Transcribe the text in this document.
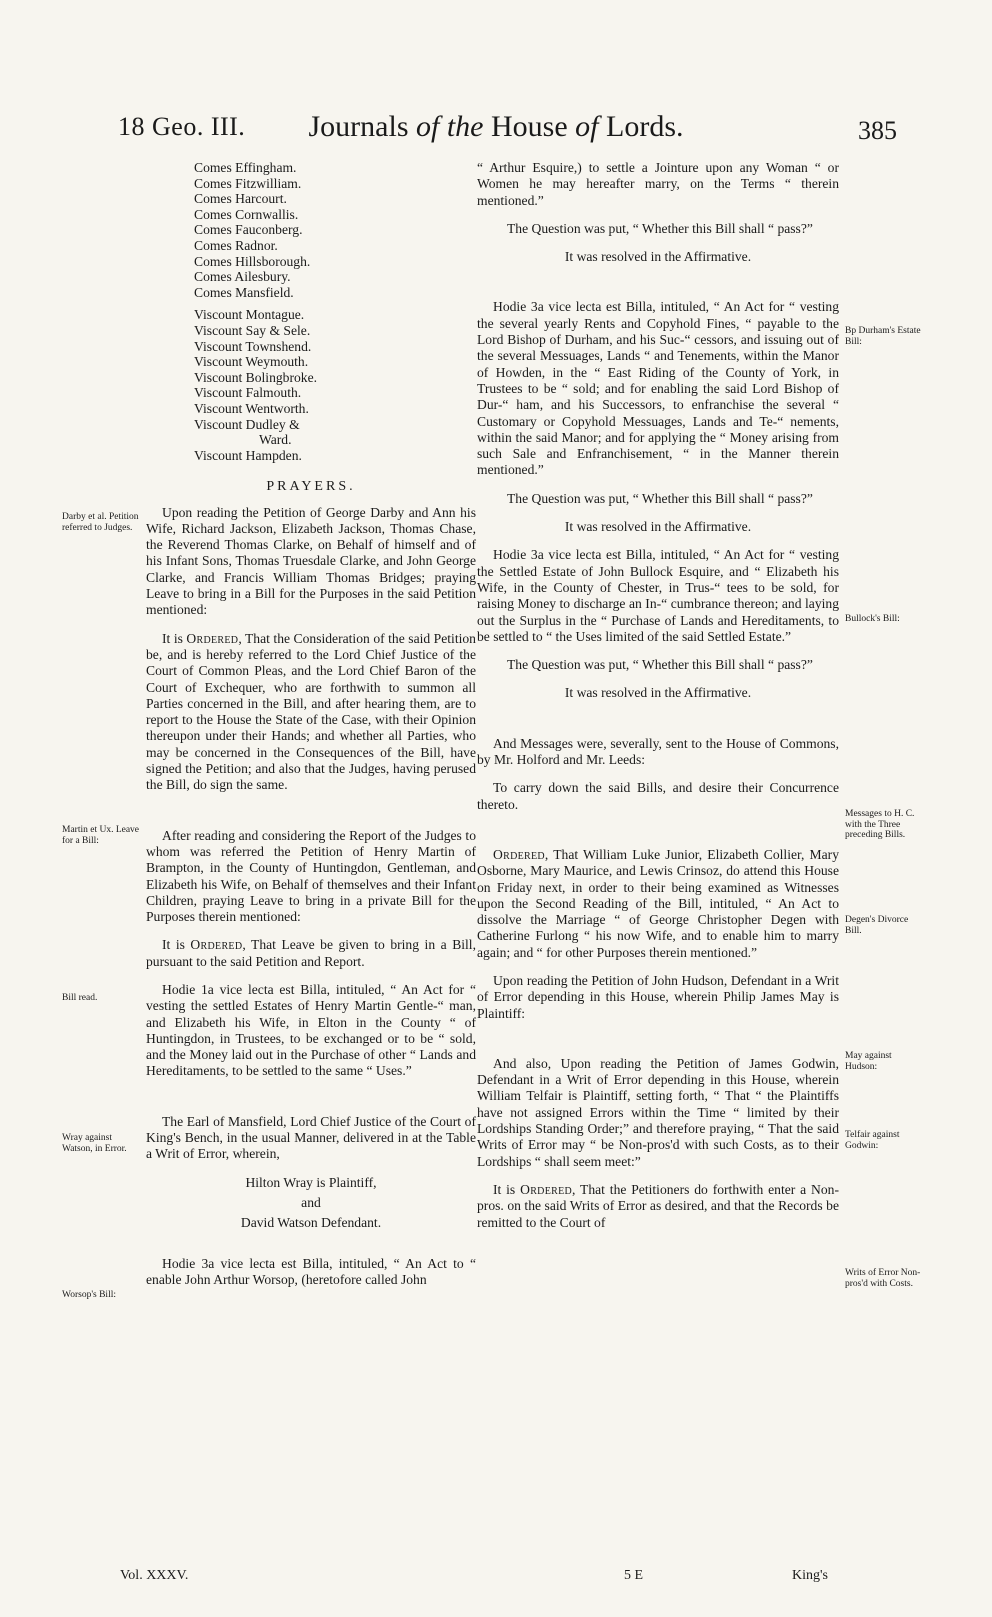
18 Geo. III.	Journals of the House of Lords.	385
Comes Effingham.
Comes Fitzwilliam.
Comes Harcourt.
Comes Cornwallis.
Comes Fauconberg.
Comes Radnor.
Comes Hillsborough.
Comes Ailesbury.
Comes Mansfield.
Viscount Montague.
Viscount Say & Sele.
Viscount Townshend.
Viscount Weymouth.
Viscount Bolingbroke.
Viscount Falmouth.
Viscount Wentworth.
Viscount Dudley &
Ward.
Viscount Hampden.
PRAYERS.

Upon reading the Petition of George Darby and Ann his Wife, Richard Jackson, Elizabeth Jackson, Thomas Chase, the Reverend Thomas Clarke, on Behalf of himself and of his Infant Sons, Thomas Truesdale Clarke, and John George Clarke, and Francis William Thomas Bridges; praying Leave to bring in a Bill for the Purposes in the said Petition mentioned:

It is Ordered, That the Consideration of the said Petition be, and is hereby referred to the Lord Chief Justice of the Court of Common Pleas, and the Lord Chief Baron of the Court of Exchequer, who are forthwith to summon all Parties concerned in the Bill, and after hearing them, are to report to the House the State of the Case, with their Opinion thereupon under their Hands; and whether all Parties, who may be concerned in the Consequences of the Bill, have signed the Petition; and also that the Judges, having perused the Bill, do sign the same.

After reading and considering the Report of the Judges to whom was referred the Petition of Henry Martin of Brampton, in the County of Huntingdon, Gentleman, and Elizabeth his Wife, on Behalf of themselves and their Infant Children, praying Leave to bring in a private Bill for the Purposes therein mentioned:

It is Ordered, That Leave be given to bring in a Bill, pursuant to the said Petition and Report.

Hodie 1a vice lecta est Billa, intituled, “ An Act for “ vesting the settled Estates of Henry Martin Gentle-“ man, and Elizabeth his Wife, in Elton in the County “ of Huntingdon, in Trustees, to be exchanged or to be “ sold, and the Money laid out in the Purchase of other “ Lands and Hereditaments, to be settled to the same “ Uses.”

The Earl of Mansfield, Lord Chief Justice of the Court of King's Bench, in the usual Manner, delivered in at the Table a Writ of Error, wherein,

Hilton Wray is Plaintiff,

and

David Watson Defendant.

Hodie 3a vice lecta est Billa, intituled, “ An Act to “ enable John Arthur Worsop, (heretofore called John

“ Arthur Esquire,) to settle a Jointure upon any Woman “ or Women he may hereafter marry, on the Terms “ therein mentioned.”

The Question was put, “ Whether this Bill shall “ pass?”

It was resolved in the Affirmative.

Hodie 3a vice lecta est Billa, intituled, “ An Act for “ vesting the several yearly Rents and Copyhold Fines, “ payable to the Lord Bishop of Durham, and his Suc-“ cessors, and issuing out of the several Messuages, Lands “ and Tenements, within the Manor of Howden, in the “ East Riding of the County of York, in Trustees to be “ sold; and for enabling the said Lord Bishop of Dur-“ ham, and his Successors, to enfranchise the several “ Customary or Copyhold Messuages, Lands and Te-“ nements, within the said Manor; and for applying the “ Money arising from such Sale and Enfranchisement, “ in the Manner therein mentioned.”

The Question was put, “ Whether this Bill shall “ pass?”

It was resolved in the Affirmative.

Hodie 3a vice lecta est Billa, intituled, “ An Act for “ vesting the Settled Estate of John Bullock Esquire, and “ Elizabeth his Wife, in the County of Chester, in Trus-“ tees to be sold, for raising Money to discharge an In-“ cumbrance thereon; and laying out the Surplus in the “ Purchase of Lands and Hereditaments, to be settled to “ the Uses limited of the said Settled Estate.”

The Question was put, “ Whether this Bill shall “ pass?”

It was resolved in the Affirmative.

And Messages were, severally, sent to the House of Commons, by Mr. Holford and Mr. Leeds:

To carry down the said Bills, and desire their Concurrence thereto.

Ordered, That William Luke Junior, Elizabeth Collier, Mary Osborne, Mary Maurice, and Lewis Crinsoz, do attend this House on Friday next, in order to their being examined as Witnesses upon the Second Reading of the Bill, intituled, “ An Act to dissolve the Marriage “ of George Christopher Degen with Catherine Furlong “ his now Wife, and to enable him to marry again; and “ for other Purposes therein mentioned.”

Upon reading the Petition of John Hudson, Defendant in a Writ of Error depending in this House, wherein Philip James May is Plaintiff:

And also, Upon reading the Petition of James Godwin, Defendant in a Writ of Error depending in this House, wherein William Telfair is Plaintiff, setting forth, “ That “ the Plaintiffs have not assigned Errors within the Time “ limited by their Lordships Standing Order;” and therefore praying, “ That the said Writs of Error may “ be Non-pros'd with such Costs, as to their Lordships “ shall seem meet:”

It is Ordered, That the Petitioners do forthwith enter a Non-pros. on the said Writs of Error as desired, and that the Records be remitted to the Court of

Vol. XXXV.	5 E	King's
Darby et al. Petition referred to Judges.
Martin et Ux. Leave for a Bill:
Bill read.
Wray against Watson, in Error.
Worsop's Bill:
Bp Durham's Estate Bill:
Bullock's Bill:
Messages to H. C. with the Three preceding Bills.
Degen's Divorce Bill.
May against Hudson:
Telfair against Godwin:
Writs of Error Non-pros'd with Costs.
